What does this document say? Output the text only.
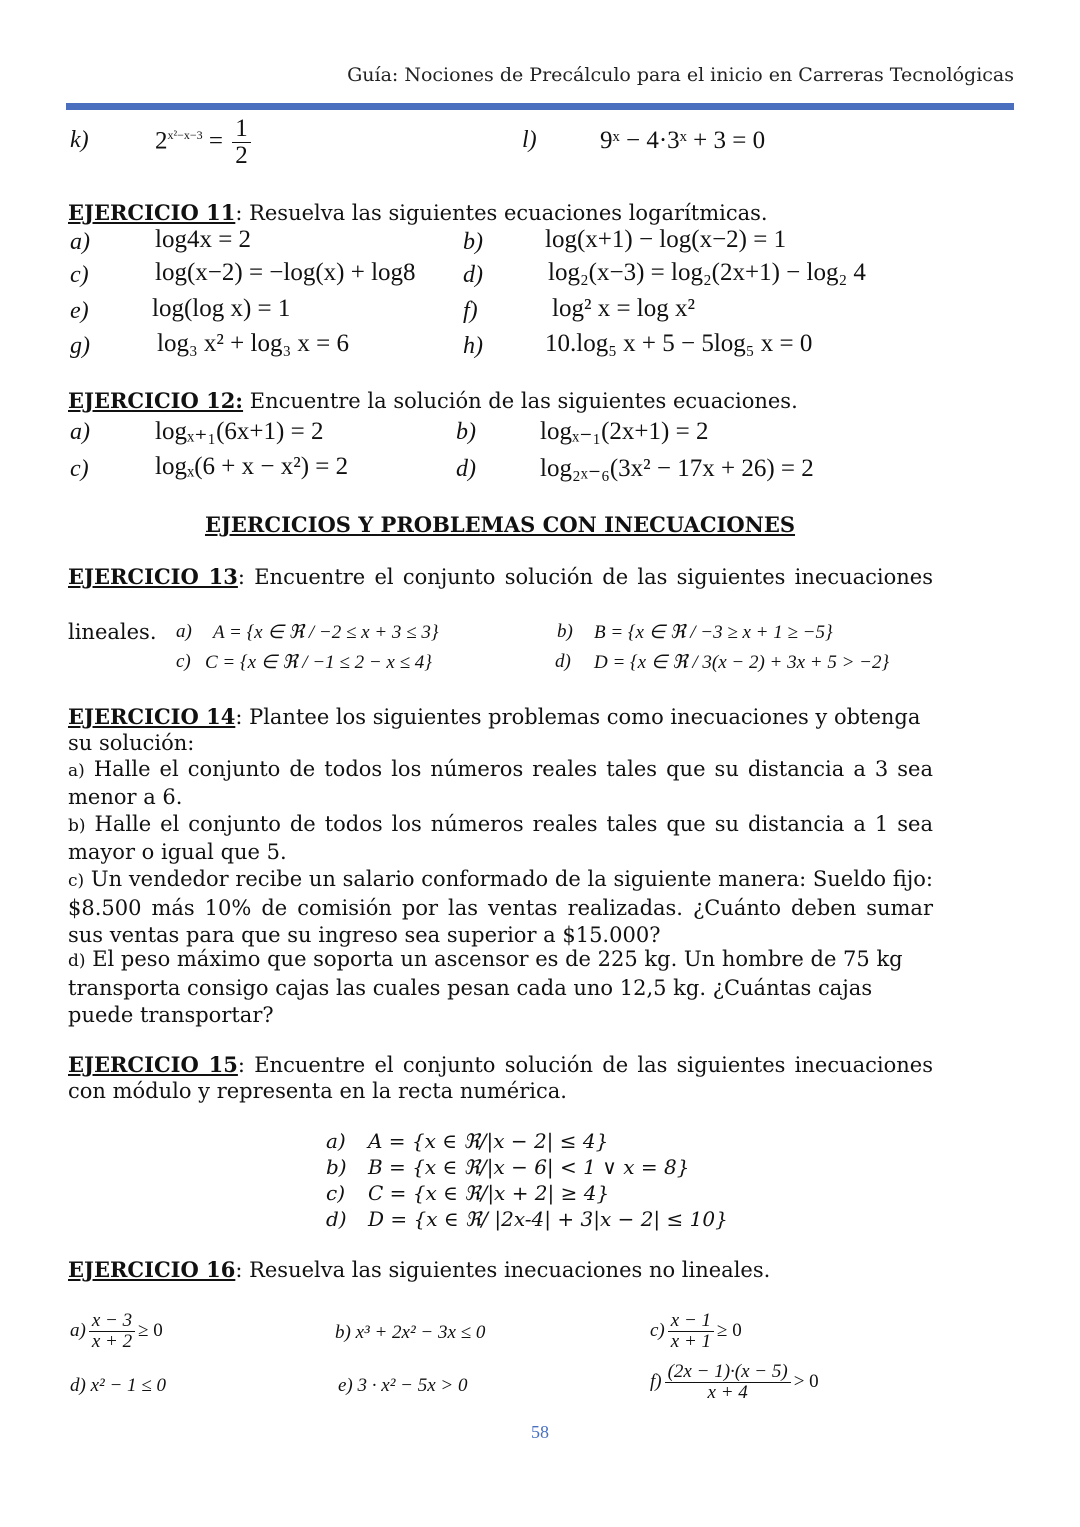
Guía: Nociones de Precálculo para el inicio en Carreras Tecnológicas
k)	$2^{x^2-x-3} = \frac{1}{2}$	l)	9ˣ − 4·3ˣ + 3 = 0
EJERCICIO 11: Resuelva las siguientes ecuaciones logarítmicas.
a)	log4x = 2	b) log(x+1) − log(x−2) = 1
c)	log(x−2) = −log(x) + log8 d)	log₂(x−3) = log₂(2x+1) − log₂ 4
e)	log(log x) = 1	f)	log² x = log x²
g)	log₃ x² + log₃ x = 6	h) 10.log₅ x + 5 − 5log₅ x = 0
EJERCICIO 12: Encuentre la solución de las siguientes ecuaciones.
a)	logₓ₊₁(6x+1) = 2	b)	logₓ₋₁(2x+1) = 2
c)	logₓ(6 + x − x²) = 2	d)	log₂ₓ₋₆(3x² − 17x + 26) = 2
EJERCICIOS Y PROBLEMAS CON INECUACIONES
EJERCICIO 13: Encuentre el conjunto solución de las siguientes inecuaciones
lineales. a) A = {x ∈ ℜ / −2 ≤ x + 3 ≤ 3}	b) B = {x ∈ ℜ / −3 ≥ x + 1 ≥ −5}
c) C = {x ∈ ℜ / −1 ≤ 2 − x ≤ 4}	d) D = {x ∈ ℜ / 3(x − 2) + 3x + 5 > −2}
EJERCICIO 14: Plantee los siguientes problemas como inecuaciones y obtenga su solución:
a) Halle el conjunto de todos los números reales tales que su distancia a 3 sea menor a 6.
b) Halle el conjunto de todos los números reales tales que su distancia a 1 sea mayor o igual que 5.
c) Un vendedor recibe un salario conformado de la siguiente manera: Sueldo fijo: $8.500 más 10% de comisión por las ventas realizadas. ¿Cuánto deben sumar sus ventas para que su ingreso sea superior a $15.000?
d) El peso máximo que soporta un ascensor es de 225 kg. Un hombre de 75 kg transporta consigo cajas las cuales pesan cada uno 12,5 kg. ¿Cuántas cajas puede transportar?
EJERCICIO 15: Encuentre el conjunto solución de las siguientes inecuaciones con módulo y representa en la recta numérica.
a) A = {x ∈ ℜ/|x − 2| ≤ 4}
b) B = {x ∈ ℜ/|x − 6| < 1 ∨ x = 8}
c) C = {x ∈ ℜ/|x + 2| ≥ 4}
d) D = {x ∈ ℜ/ |2x-4| + 3|x − 2| ≤ 10}
EJERCICIO 16: Resuelva las siguientes inecuaciones no lineales.
$a) \frac{x - 3}{x + 2} \ge 0$	b) x³ + 2x² − 3x ≤ 0	$c) \frac{x - 1}{x + 1} \ge 0$
d) x² − 1 ≤ 0	e) 3 · x² − 5x > 0	$f) \frac{(2x - 1)\cdot(x - 5)}{x + 4} > 0$
58
